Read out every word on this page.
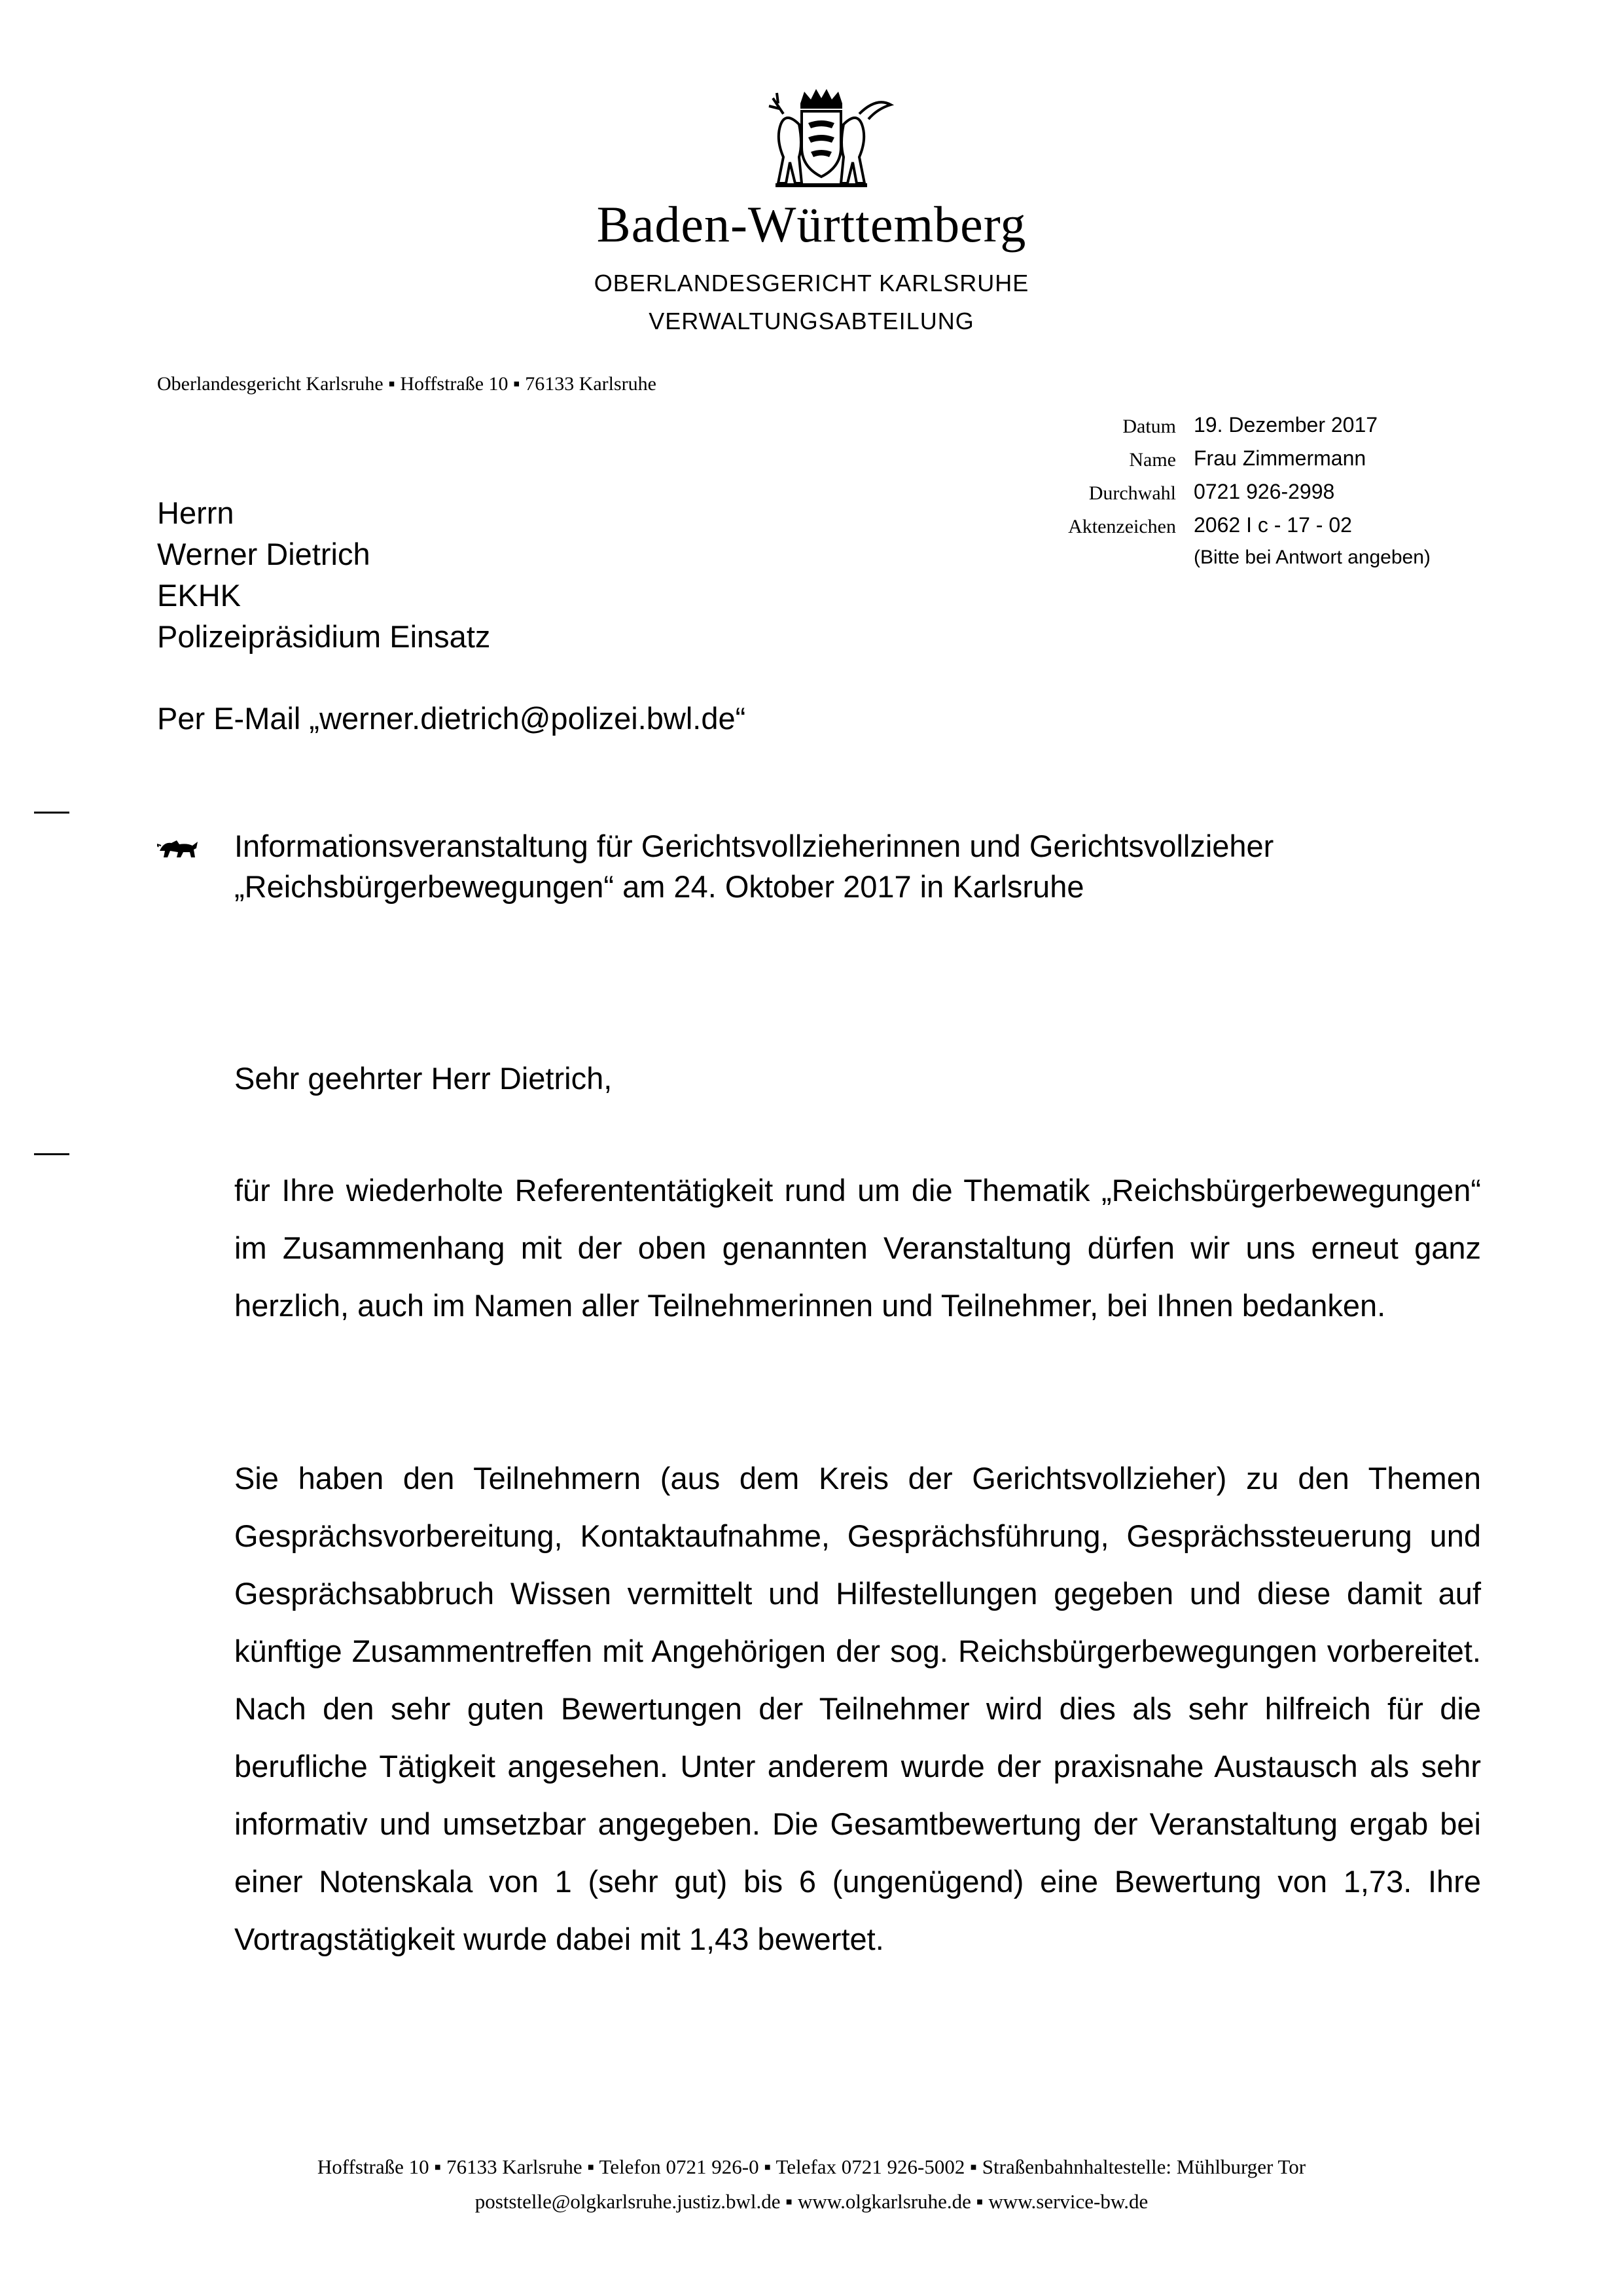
Baden-Württemberg
OBERLANDESGERICHT KARLSRUHE
VERWALTUNGSABTEILUNG
Oberlandesgericht Karlsruhe ▪ Hoffstraße 10 ▪ 76133 Karlsruhe
Datum 19. Dezember 2017
Name Frau Zimmermann
Durchwahl 0721 926-2998
Aktenzeichen 2062 I c - 17 - 02
(Bitte bei Antwort angeben)
Herrn
Werner Dietrich
EKHK
Polizeipräsidium Einsatz
Per E-Mail „werner.dietrich@polizei.bwl.de“
Informationsveranstaltung für Gerichtsvollzieherinnen und Gerichtsvollzieher
„Reichsbürgerbewegungen“ am 24. Oktober 2017 in Karlsruhe
Sehr geehrter Herr Dietrich,
für Ihre wiederholte Referententätigkeit rund um die Thematik „Reichsbürgerbewegungen“ im Zusammenhang mit der oben genannten Veranstaltung dürfen wir uns erneut ganz herzlich, auch im Namen aller Teilnehmerinnen und Teilnehmer, bei Ihnen bedanken.
Sie haben den Teilnehmern (aus dem Kreis der Gerichtsvollzieher) zu den Themen Gesprächsvorbereitung, Kontaktaufnahme, Gesprächsführung, Gesprächssteuerung und Gesprächsabbruch Wissen vermittelt und Hilfestellungen gegeben und diese damit auf künftige Zusammentreffen mit Angehörigen der sog. Reichsbürgerbewegungen vorbereitet. Nach den sehr guten Bewertungen der Teilnehmer wird dies als sehr hilfreich für die berufliche Tätigkeit angesehen. Unter anderem wurde der praxisnahe Austausch als sehr informativ und umsetzbar angegeben. Die Gesamtbewertung der Veranstaltung ergab bei einer Notenskala von 1 (sehr gut) bis 6 (ungenügend) eine Bewertung von 1,73. Ihre Vortragstätigkeit wurde dabei mit 1,43 bewertet.
Hoffstraße 10 ▪ 76133 Karlsruhe ▪ Telefon 0721 926-0 ▪ Telefax 0721 926-5002 ▪ Straßenbahnhaltestelle: Mühlburger Tor
poststelle@olgkarlsruhe.justiz.bwl.de ▪ www.olgkarlsruhe.de ▪ www.service-bw.de
